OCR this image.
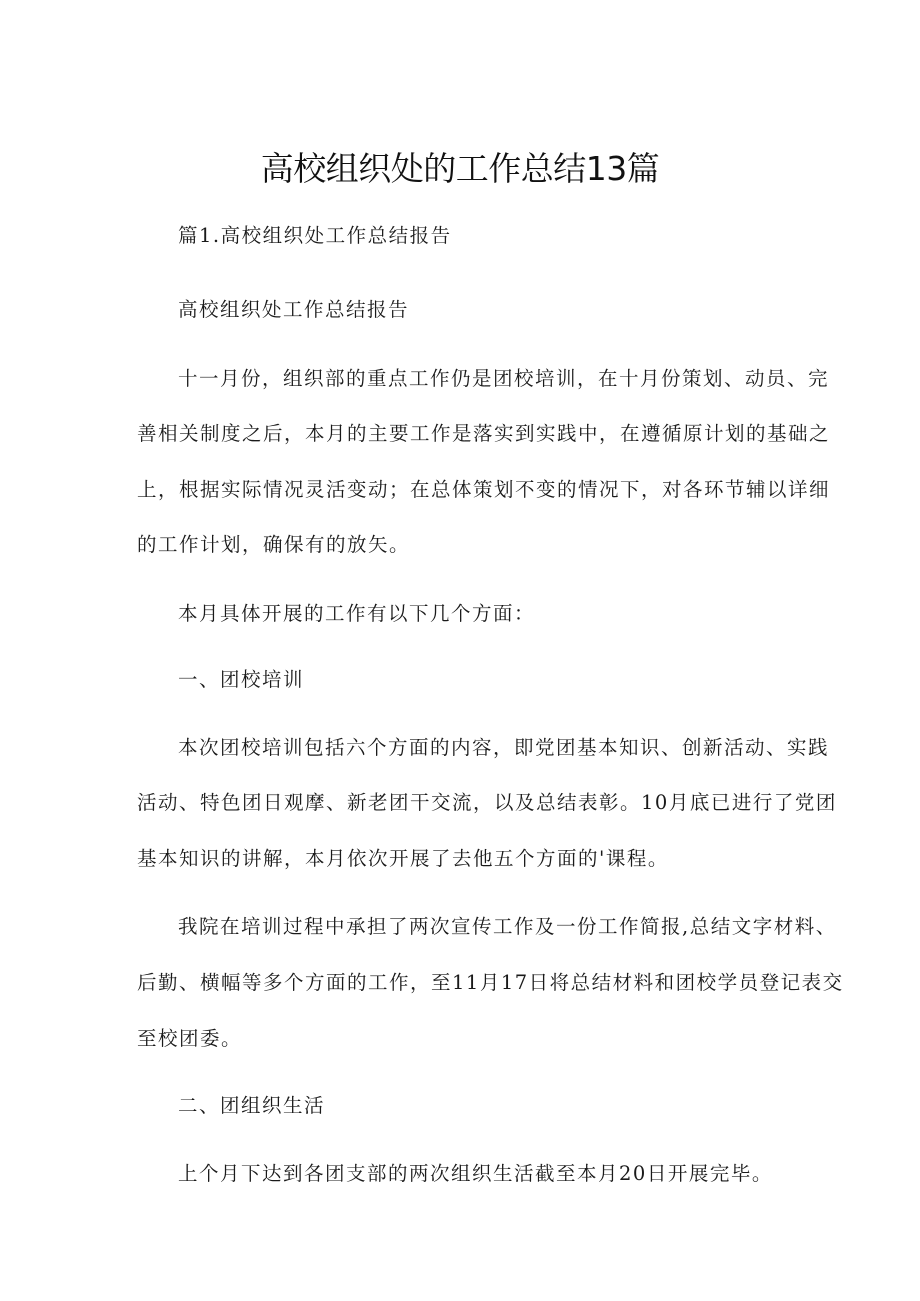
高校组织处的工作总结13篇

篇1.高校组织处工作总结报告

高校组织处工作总结报告

十一月份，组织部的重点工作仍是团校培训，在十月份策划、动员、完

善相关制度之后，本月的主要工作是落实到实践中，在遵循原计划的基础之

上，根据实际情况灵活变动；在总体策划不变的情况下，对各环节辅以详细

的工作计划，确保有的放矢。

本月具体开展的工作有以下几个方面：

一、团校培训

本次团校培训包括六个方面的内容，即党团基本知识、创新活动、实践

活动、特色团日观摩、新老团干交流，以及总结表彰。10月底已进行了党团

基本知识的讲解，本月依次开展了去他五个方面的'课程。

我院在培训过程中承担了两次宣传工作及一份工作简报,总结文字材料、

后勤、横幅等多个方面的工作，至11月17日将总结材料和团校学员登记表交

至校团委。

二、团组织生活

上个月下达到各团支部的两次组织生活截至本月20日开展完毕。
